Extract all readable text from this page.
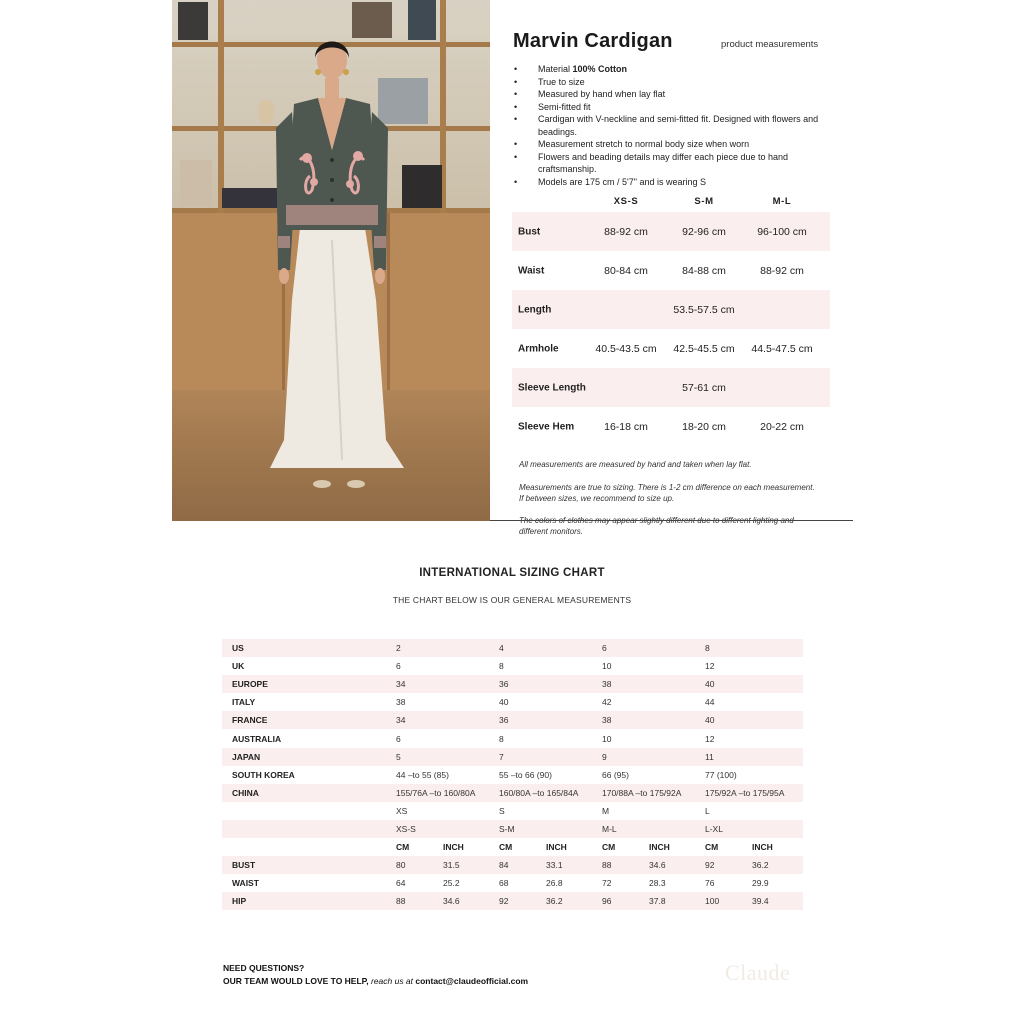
Marvin Cardigan	product measurements
• Material 100% Cotton
• True to size
• Measured by hand when lay flat
• Semi-fitted fit
• Cardigan with V-neckline and semi-fitted fit. Designed with flowers and beadings.
• Measurement stretch to normal body size when worn
• Flowers and beading details may differ each piece due to hand craftsmanship.
• Models are 175 cm / 5'7" and is wearing S
XS-S	S-M	M-L
Bust	88-92 cm	92-96 cm	96-100 cm
Waist	80-84 cm	84-88 cm	88-92 cm
Length	53.5-57.5 cm
Armhole	40.5-43.5 cm 42.5-45.5 cm 44.5-47.5 cm
Sleeve Length	57-61 cm
Sleeve Hem	16-18 cm	18-20 cm	20-22 cm
All measurements are measured by hand and taken when lay flat.
Measurements are true to sizing. There is 1-2 cm difference on each measurement. If between sizes, we recommend to size up.
different monitors.
INTERNATIONAL SIZING CHART
THE CHART BELOW IS OUR GENERAL MEASUREMENTS
US	2	4	6	8
UK	6	8	10	12
EUROPE	34	36	38	40
ITALY	38	40	42	44
FRANCE	34	36	38	40
AUSTRALIA	6	8	10	12
JAPAN	5	7	9	11
SOUTH KOREA	44 –to 55 (85)	55 –to 66 (90)	66 (95)	77 (100)
CHINA	155/76A –to 160/80A	160/80A –to 165/84A	170/88A –to 175/92A	175/92A –to 175/95A
XS	S	M	L
XS-S	S-M	M-L	L-XL
CM	INCH	CM	INCH	CM	INCH	CM	INCH
BUST	80	31.5	84	33.1	88	34.6	92	36.2
WAIST	64	25.2	68	26.8	72	28.3	76	29.9
HIP	88	34.6	92	36.2	96	37.8	100	39.4
NEED QUESTIONS?
OUR TEAM WOULD LOVE TO HELP, reach us at contact@claudeofficial.com	Claude
